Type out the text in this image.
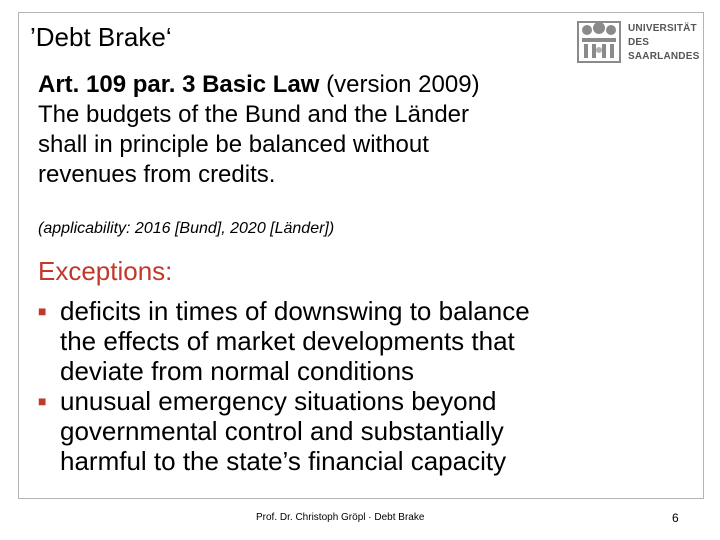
’Debt Brake‘	UNIVERSITÄT
DES
SAARLANDES
Art. 109 par. 3 Basic Law (version 2009)
The budgets of the Bund and the Länder
shall in principle be balanced without
revenues from credits.
(applicability: 2016 [Bund], 2020 [Länder])
Exceptions:
■ deficits in times of downswing to balance
the effects of market developments that
deviate from normal conditions
■ unusual emergency situations beyond
governmental control and substantially
harmful to the state’s financial capacity
Prof. Dr. Christoph Gröpl · Debt Brake	6
